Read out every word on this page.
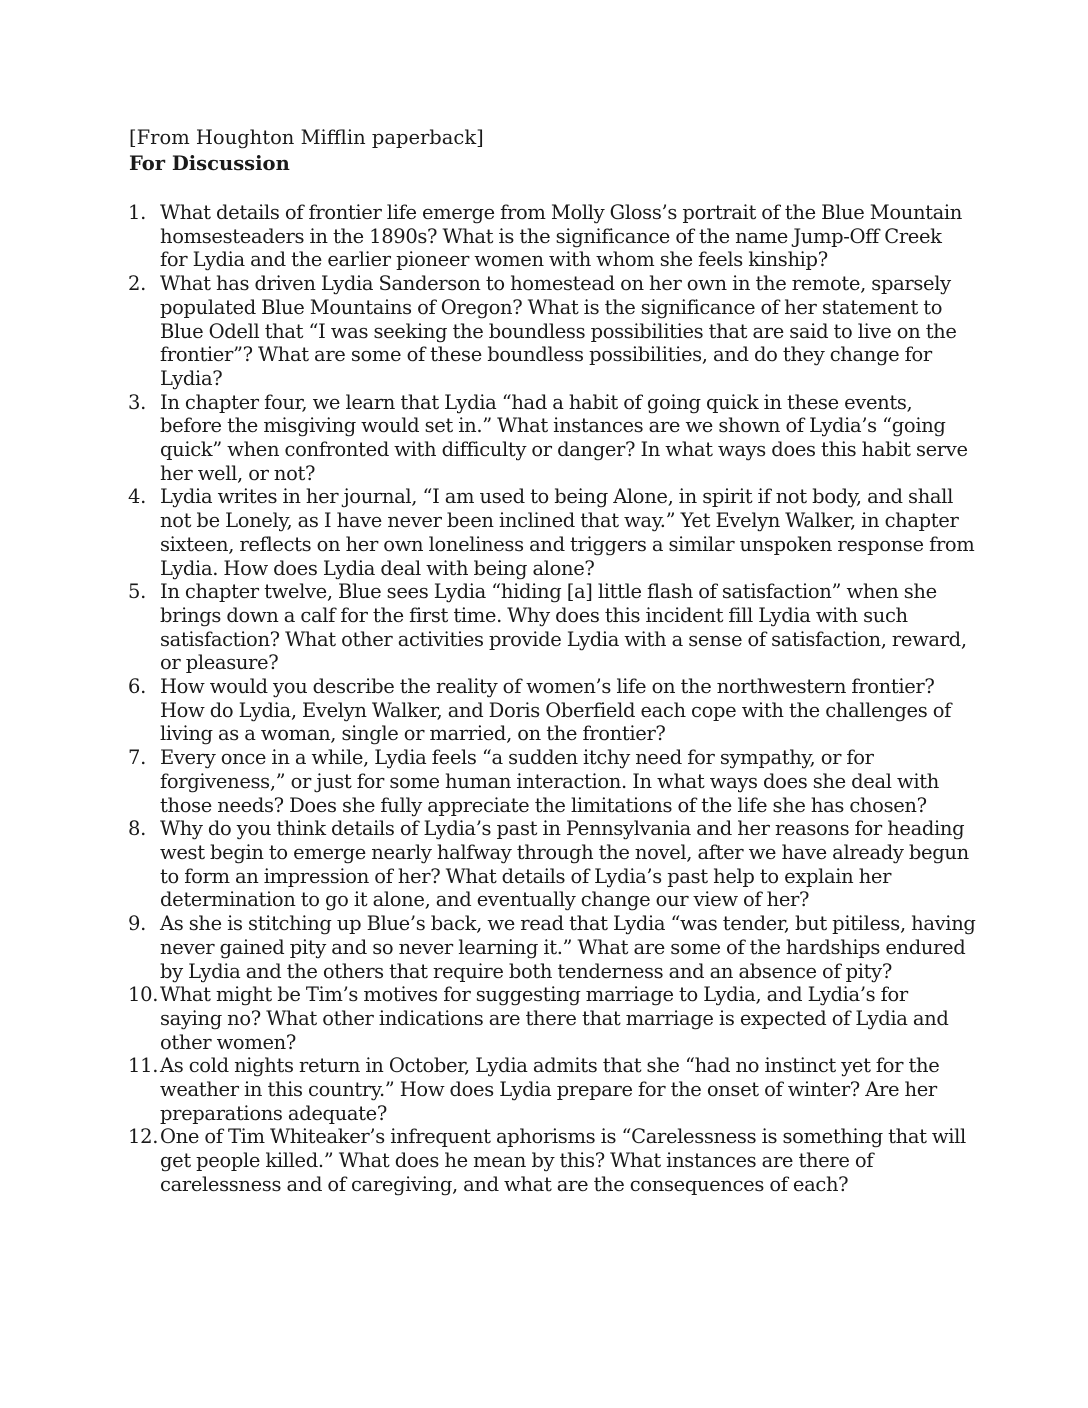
[From Houghton Mifflin paperback]
For Discussion
1. What details of frontier life emerge from Molly Gloss’s portrait of the Blue Mountain
homsesteaders in the 1890s? What is the significance of the name Jump-Off Creek
for Lydia and the earlier pioneer women with whom she feels kinship?
2. What has driven Lydia Sanderson to homestead on her own in the remote, sparsely
populated Blue Mountains of Oregon? What is the significance of her statement to
Blue Odell that “I was seeking the boundless possibilities that are said to live on the
frontier”? What are some of these boundless possibilities, and do they change for
Lydia?
3. In chapter four, we learn that Lydia “had a habit of going quick in these events,
before the misgiving would set in.” What instances are we shown of Lydia’s “going
quick” when confronted with difficulty or danger? In what ways does this habit serve
her well, or not?
4. Lydia writes in her journal, “I am used to being Alone, in spirit if not body, and shall
not be Lonely, as I have never been inclined that way.” Yet Evelyn Walker, in chapter
sixteen, reflects on her own loneliness and triggers a similar unspoken response from
Lydia. How does Lydia deal with being alone?
5. In chapter twelve, Blue sees Lydia “hiding [a] little flash of satisfaction” when she
brings down a calf for the first time. Why does this incident fill Lydia with such
satisfaction? What other activities provide Lydia with a sense of satisfaction, reward,
or pleasure?
6. How would you describe the reality of women’s life on the northwestern frontier?
How do Lydia, Evelyn Walker, and Doris Oberfield each cope with the challenges of
living as a woman, single or married, on the frontier?
7. Every once in a while, Lydia feels “a sudden itchy need for sympathy, or for
forgiveness,” or just for some human interaction. In what ways does she deal with
those needs? Does she fully appreciate the limitations of the life she has chosen?
8. Why do you think details of Lydia’s past in Pennsylvania and her reasons for heading
west begin to emerge nearly halfway through the novel, after we have already begun
to form an impression of her? What details of Lydia’s past help to explain her
determination to go it alone, and eventually change our view of her?
9. As she is stitching up Blue’s back, we read that Lydia “was tender, but pitiless, having
never gained pity and so never learning it.” What are some of the hardships endured
by Lydia and the others that require both tenderness and an absence of pity?
10. What might be Tim’s motives for suggesting marriage to Lydia, and Lydia’s for
saying no? What other indications are there that marriage is expected of Lydia and
other women?
11. As cold nights return in October, Lydia admits that she “had no instinct yet for the
weather in this country.” How does Lydia prepare for the onset of winter? Are her
preparations adequate?
12. One of Tim Whiteaker’s infrequent aphorisms is “Carelessness is something that will
get people killed.” What does he mean by this? What instances are there of
carelessness and of caregiving, and what are the consequences of each?
